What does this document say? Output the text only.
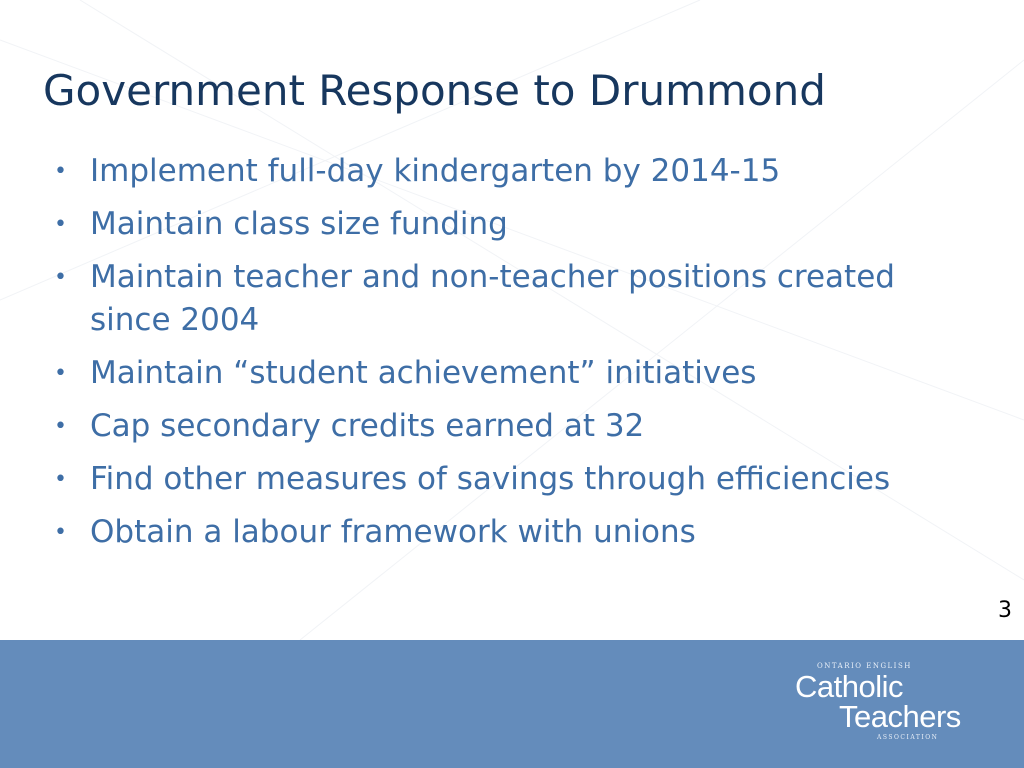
Government Response to Drummond
• Implement full-day kindergarten by 2014-15
• Maintain class size funding
• Maintain teacher and non-teacher positions created since 2004
• Maintain “student achievement” initiatives
• Cap secondary credits earned at 32
• Find other measures of savings through efficiencies
• Obtain a labour framework with unions
3
ONTARIO ENGLISH
Catholic
Teachers
ASSOCIATION
